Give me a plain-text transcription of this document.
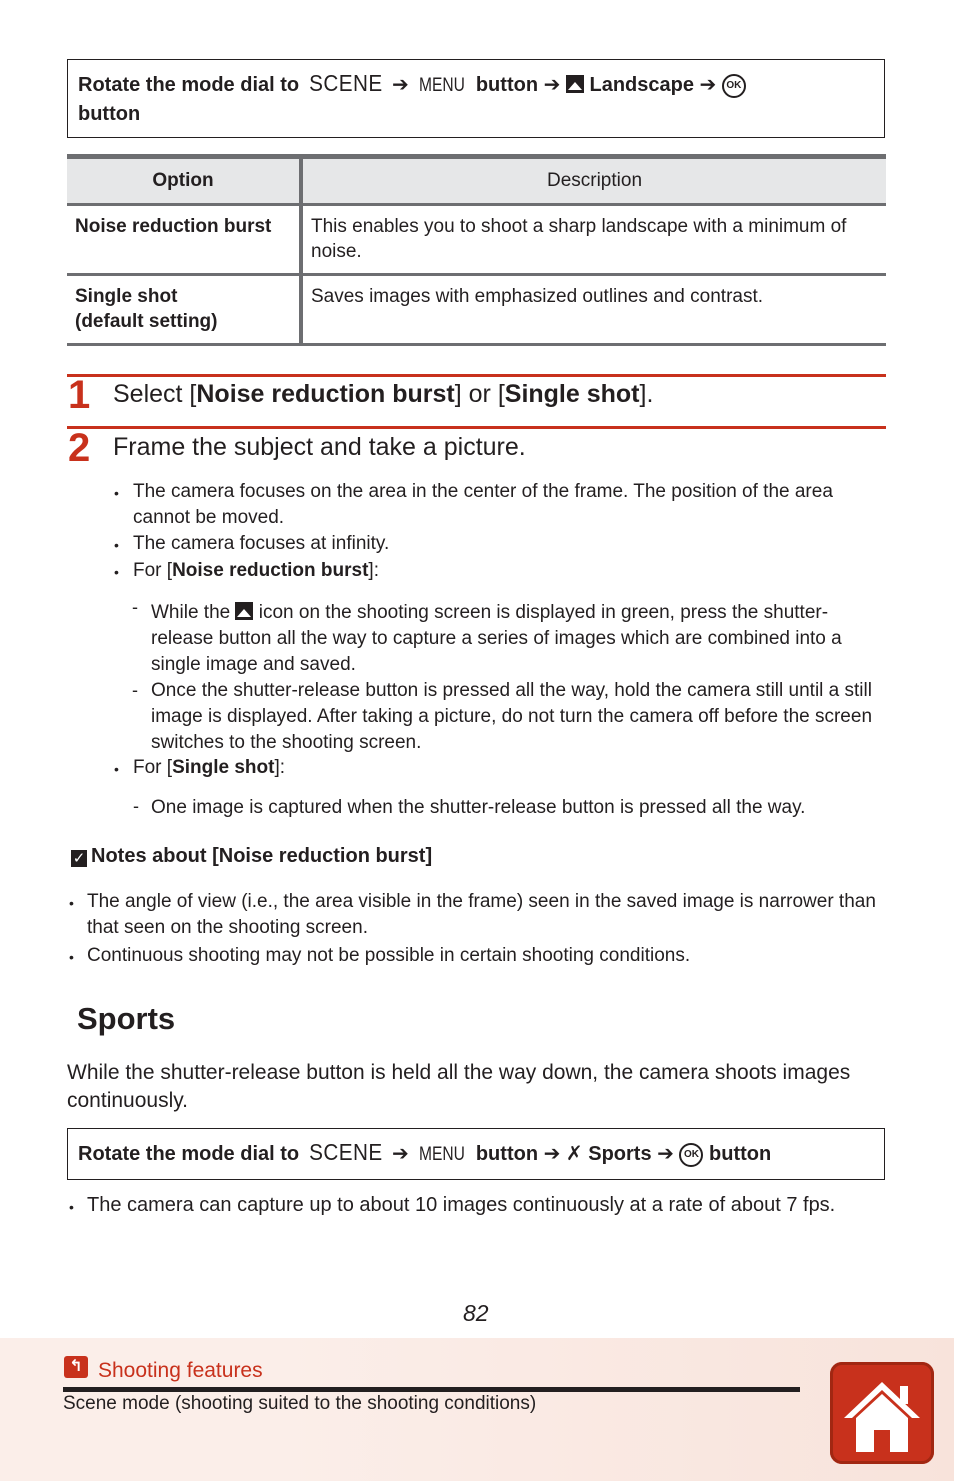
Rotate the mode dial to SCENE ➔ MENU button ➔ Landscape ➔ OK
button
Option	Description
Noise reduction burst	This enables you to shoot a sharp landscape with a minimum of noise.
Single shot
(default setting)	Saves images with emphasized outlines and contrast.
1 Select [Noise reduction burst] or [Single shot].
2 Frame the subject and take a picture.
• The camera focuses on the area in the center of the frame. The position of the area cannot be moved.
• The camera focuses at infinity.
• For [Noise reduction burst]:
- While the icon on the shooting screen is displayed in green, press the shutter-release button all the way to capture a series of images which are combined into a single image and saved.
- Once the shutter-release button is pressed all the way, hold the camera still until a still image is displayed. After taking a picture, do not turn the camera off before the screen switches to the shooting screen.
• For [Single shot]:
- One image is captured when the shutter-release button is pressed all the way.
✓ Notes about [Noise reduction burst]
• The angle of view (i.e., the area visible in the frame) seen in the saved image is narrower than that seen on the shooting screen.
• Continuous shooting may not be possible in certain shooting conditions.
Sports
While the shutter-release button is held all the way down, the camera shoots images continuously.
Rotate the mode dial to SCENE ➔ MENU button ➔ ✗ Sports ➔ OK button
• The camera can capture up to about 10 images continuously at a rate of about 7 fps.
82
↰ Shooting features
Scene mode (shooting suited to the shooting conditions)
